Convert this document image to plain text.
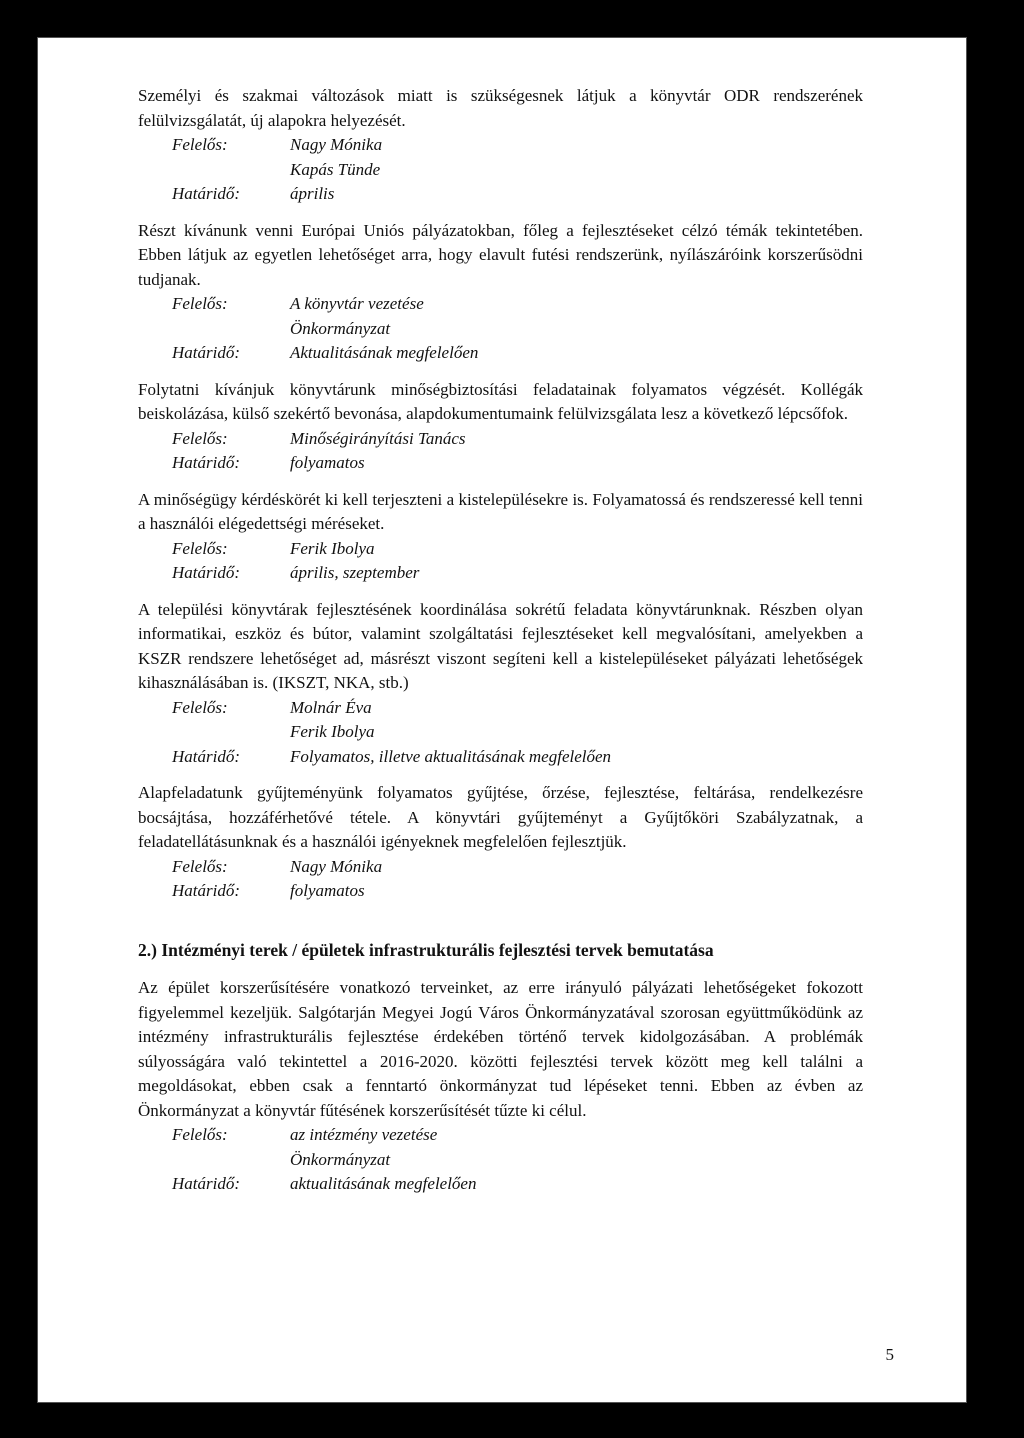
Személyi és szakmai változások miatt is szükségesnek látjuk a könyvtár ODR rendszerének felülvizsgálatát, új alapokra helyezését.

Felelős:	Nagy Mónika
Kapás Tünde
Határidő:	április

Részt kívánunk venni Európai Uniós pályázatokban, főleg a fejlesztéseket célzó témák tekintetében. Ebben látjuk az egyetlen lehetőséget arra, hogy elavult futési rendszerünk, nyílászáróink korszerűsödni tudjanak.

Felelős:	A könyvtár vezetése
Önkormányzat
Határidő:	Aktualitásának megfelelően

Folytatni kívánjuk könyvtárunk minőségbiztosítási feladatainak folyamatos végzését. Kollégák beiskolázása, külső szekértő bevonása, alapdokumentumaink felülvizsgálata lesz a következő lépcsőfok.

Felelős:	Minőségirányítási Tanács
Határidő:	folyamatos

A minőségügy kérdéskörét ki kell terjeszteni a kistelepülésekre is. Folyamatossá és rendszeressé kell tenni a használói elégedettségi méréseket.

Felelős:	Ferik Ibolya
Határidő:	április, szeptember

A települési könyvtárak fejlesztésének koordinálása sokrétű feladata könyvtárunknak. Részben olyan informatikai, eszköz és bútor, valamint szolgáltatási fejlesztéseket kell megvalósítani, amelyekben a KSZR rendszere lehetőséget ad, másrészt viszont segíteni kell a kistelepüléseket pályázati lehetőségek kihasználásában is. (IKSZT, NKA, stb.)

Felelős:	Molnár Éva
Ferik Ibolya
Határidő:	Folyamatos, illetve aktualitásának megfelelően

Alapfeladatunk gyűjteményünk folyamatos gyűjtése, őrzése, fejlesztése, feltárása, rendelkezésre bocsájtása, hozzáférhetővé tétele. A könyvtári gyűjteményt a Gyűjtőköri Szabályzatnak, a feladatellátásunknak és a használói igényeknek megfelelően fejlesztjük.

Felelős:	Nagy Mónika
Határidő:	folyamatos
2.) Intézményi terek / épületek infrastrukturális fejlesztési tervek bemutatása

Az épület korszerűsítésére vonatkozó terveinket, az erre irányuló pályázati lehetőségeket fokozott figyelemmel kezeljük. Salgótarján Megyei Jogú Város Önkormányzatával szorosan együttműködünk az intézmény infrastrukturális fejlesztése érdekében történő tervek kidolgozásában. A problémák súlyosságára való tekintettel a 2016-2020. közötti fejlesztési tervek között meg kell találni a megoldásokat, ebben csak a fenntartó önkormányzat tud lépéseket tenni. Ebben az évben az Önkormányzat a könyvtár fűtésének korszerűsítését tűzte ki célul.

Felelős:	az intézmény vezetése
Önkormányzat
Határidő:	aktualitásának megfelelően
5
